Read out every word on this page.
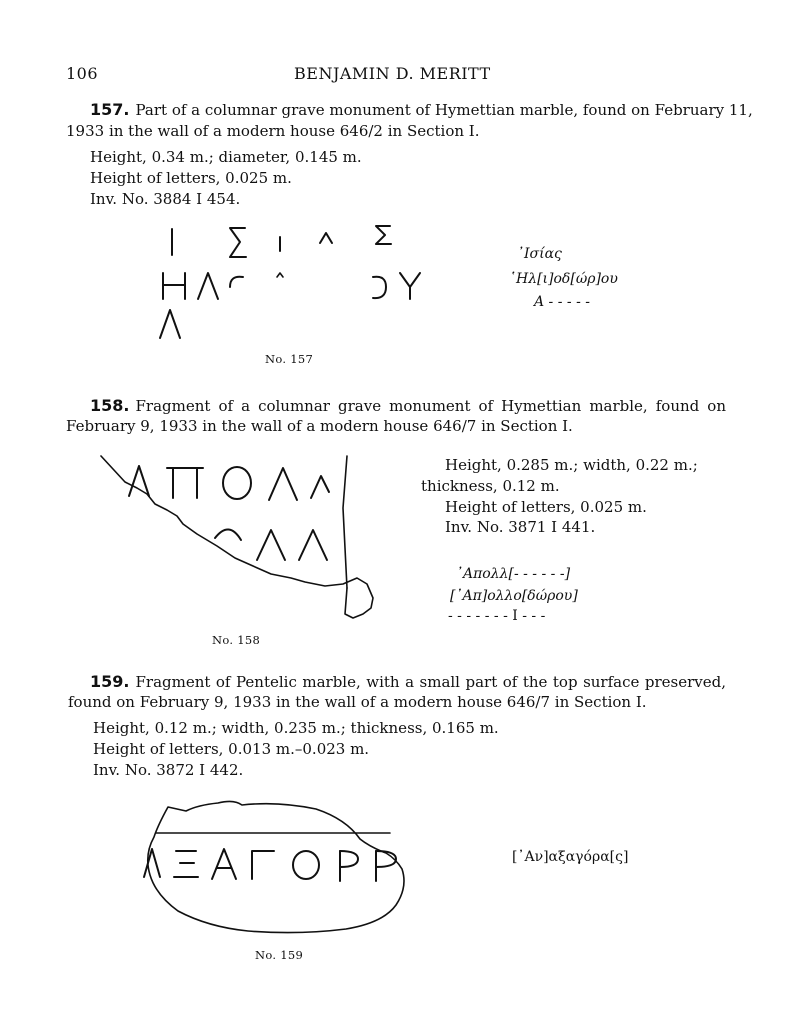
106	BENJAMIN D. MERITT
157. Part of a columnar grave monument of Hymettian marble, found on February 11,
1933 in the wall of a modern house 646/2 in Section I.
Height, 0.34 m.; diameter, 0.145 m.
Height of letters, 0.025 m.
Inv. No. 3884 I 454.
᾿Ισίας
῾Ηλ[ι]οδ[ώρ]ου
Α - - - - -
No. 157
158. Fragment of a columnar grave monument of Hymettian marble, found on
February 9, 1933 in the wall of a modern house 646/7 in Section I.
Height, 0.285 m.; width, 0.22 m.;
thickness, 0.12 m.
Height of letters, 0.025 m.
Inv. No. 3871 I 441.
᾿Απολλ[- - - - - -]
[᾿Απ]ολλο[δώρου]
- - - - - - - Ι - - -
No. 158
159. Fragment of Pentelic marble, with a small part of the top surface preserved,
found on February 9, 1933 in the wall of a modern house 646/7 in Section I.
Height, 0.12 m.; width, 0.235 m.; thickness, 0.165 m.
Height of letters, 0.013 m.–0.023 m.
Inv. No. 3872 I 442.
[᾿Αν]αξαγόρα[ς]
No. 159
